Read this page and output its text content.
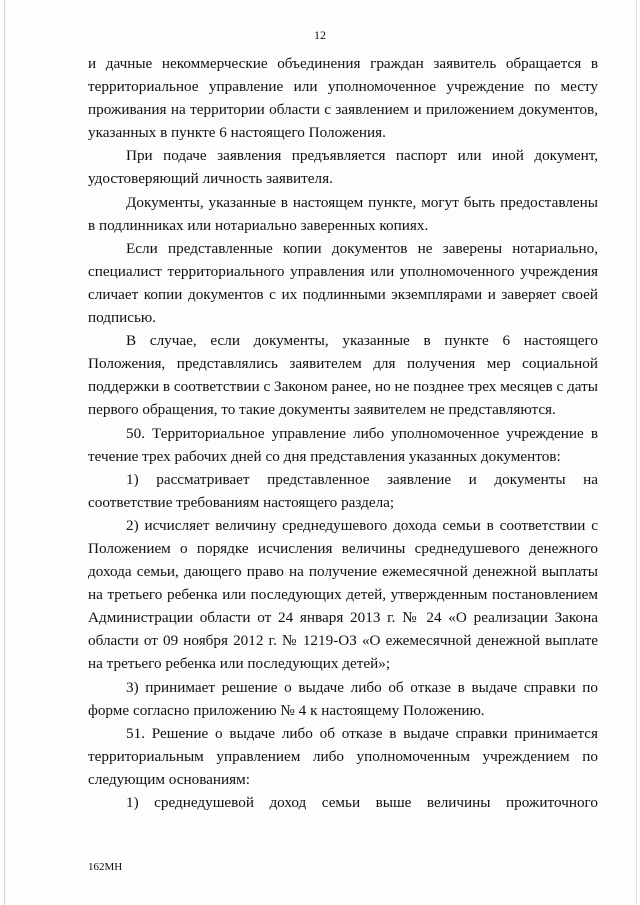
12

и дачные некоммерческие объединения граждан заявитель обращается в территориальное управление или уполномоченное учреждение по месту проживания на территории области с заявлением и приложением документов, указанных в пункте 6 настоящего Положения.

При подаче заявления предъявляется паспорт или иной документ, удостоверяющий личность заявителя.

Документы, указанные в настоящем пункте, могут быть предоставлены в подлинниках или нотариально заверенных копиях.

Если представленные копии документов не заверены нотариально, специалист территориального управления или уполномоченного учреждения сличает копии документов с их подлинными экземплярами и заверяет своей подписью.

В случае, если документы, указанные в пункте 6 настоящего Положения, представлялись заявителем для получения мер социальной поддержки в соответствии с Законом ранее, но не позднее трех месяцев с даты первого обращения, то такие документы заявителем не представляются.

50. Территориальное управление либо уполномоченное учреждение в течение трех рабочих дней со дня представления указанных документов:

1) рассматривает представленное заявление и документы на соответствие требованиям настоящего раздела;

2) исчисляет величину среднедушевого дохода семьи в соответствии с Положением о порядке исчисления величины среднедушевого денежного дохода семьи, дающего право на получение ежемесячной денежной выплаты на третьего ребенка или последующих детей, утвержденным постановлением Администрации области от 24 января 2013 г. № 24 «О реализации Закона области от 09 ноября 2012 г. № 1219-ОЗ «О ежемесячной денежной выплате на третьего ребенка или последующих детей»;

3) принимает решение о выдаче либо об отказе в выдаче справки по форме согласно приложению № 4 к настоящему Положению.

51. Решение о выдаче либо об отказе в выдаче справки принимается территориальным управлением либо уполномоченным учреждением по следующим основаниям:

1) среднедушевой доход семьи выше величины прожиточного

162МН
